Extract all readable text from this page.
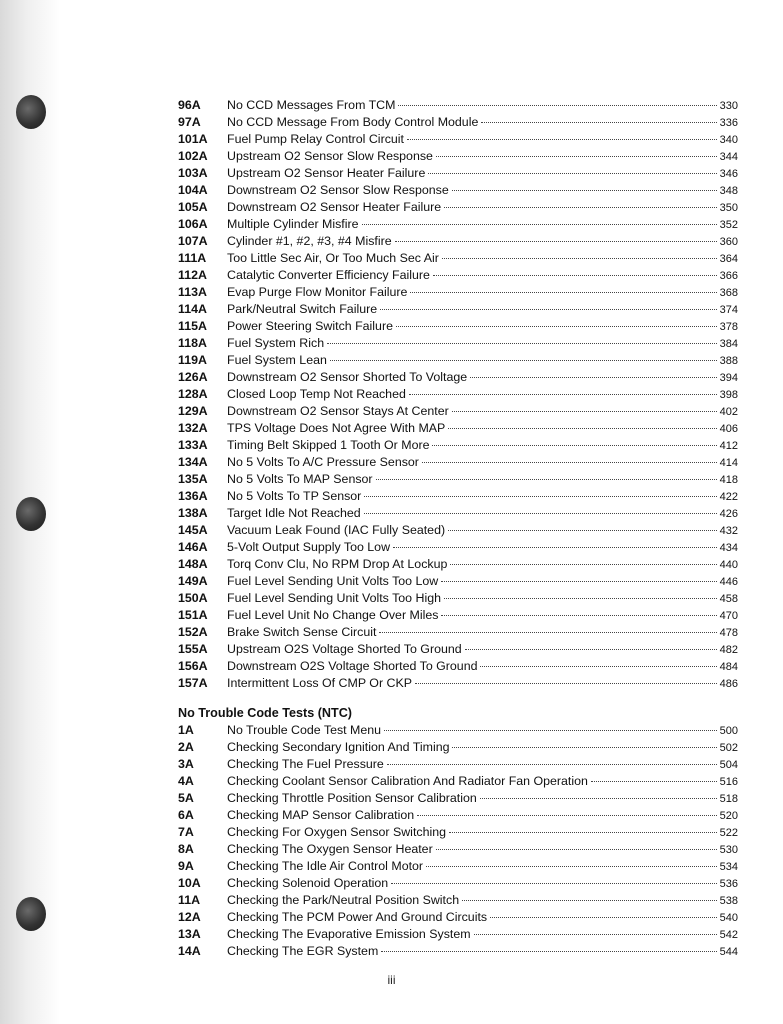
96A	No CCD Messages From TCM	330
97A	No CCD Message From Body Control Module	336
101A	Fuel Pump Relay Control Circuit	340
102A	Upstream O2 Sensor Slow Response	344
103A	Upstream O2 Sensor Heater Failure	346
104A	Downstream O2 Sensor Slow Response	348
105A	Downstream O2 Sensor Heater Failure	350
106A	Multiple Cylinder Misfire	352
107A	Cylinder #1, #2, #3, #4 Misfire	360
111A	Too Little Sec Air, Or Too Much Sec Air	364
112A	Catalytic Converter Efficiency Failure	366
113A	Evap Purge Flow Monitor Failure	368
114A	Park/Neutral Switch Failure	374
115A	Power Steering Switch Failure	378
118A	Fuel System Rich	384
119A	Fuel System Lean	388
126A	Downstream O2 Sensor Shorted To Voltage	394
128A	Closed Loop Temp Not Reached	398
129A	Downstream O2 Sensor Stays At Center	402
132A	TPS Voltage Does Not Agree With MAP	406
133A	Timing Belt Skipped 1 Tooth Or More	412
134A	No 5 Volts To A/C Pressure Sensor	414
135A	No 5 Volts To MAP Sensor	418
136A	No 5 Volts To TP Sensor	422
138A	Target Idle Not Reached	426
145A	Vacuum Leak Found (IAC Fully Seated)	432
146A	5-Volt Output Supply Too Low	434
148A	Torq Conv Clu, No RPM Drop At Lockup	440
149A	Fuel Level Sending Unit Volts Too Low	446
150A	Fuel Level Sending Unit Volts Too High	458
151A	Fuel Level Unit No Change Over Miles	470
152A	Brake Switch Sense Circuit	478
155A	Upstream O2S Voltage Shorted To Ground	482
156A	Downstream O2S Voltage Shorted To Ground	484
157A	Intermittent Loss Of CMP Or CKP	486
No Trouble Code Tests (NTC)
1A	No Trouble Code Test Menu	500
2A	Checking Secondary Ignition And Timing	502
3A	Checking The Fuel Pressure	504
4A	Checking Coolant Sensor Calibration And Radiator Fan Operation	516
5A	Checking Throttle Position Sensor Calibration	518
6A	Checking MAP Sensor Calibration	520
7A	Checking For Oxygen Sensor Switching	522
8A	Checking The Oxygen Sensor Heater	530
9A	Checking The Idle Air Control Motor	534
10A	Checking Solenoid Operation	536
11A	Checking the Park/Neutral Position Switch	538
12A	Checking The PCM Power And Ground Circuits	540
13A	Checking The Evaporative Emission System	542
14A	Checking The EGR System	544
iii
